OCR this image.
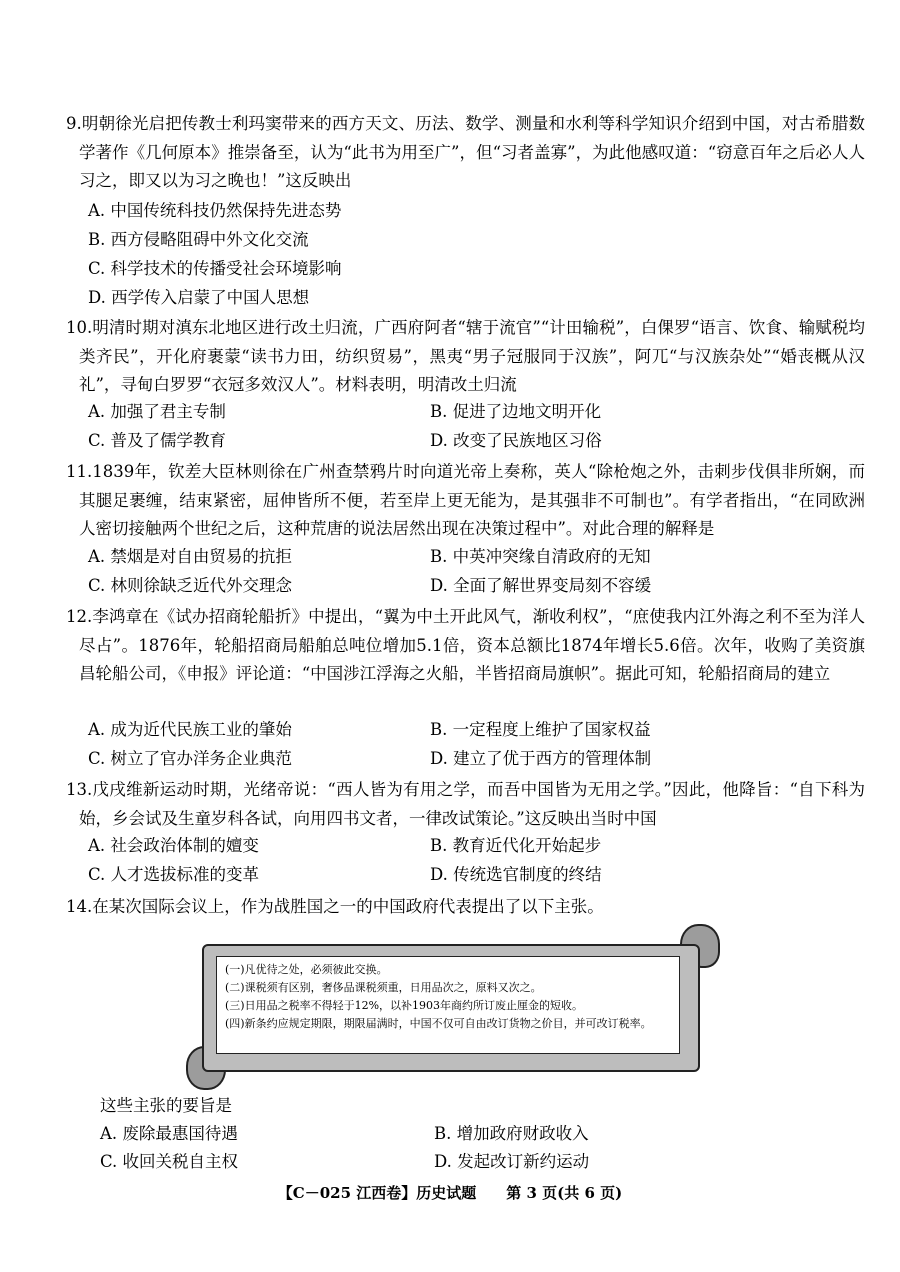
9.明朝徐光启把传教士利玛窦带来的西方天文、历法、数学、测量和水利等科学知识介绍到中国，对古希腊数学著作《几何原本》推崇备至，认为“此书为用至广”，但“习者盖寡”，为此他感叹道：“窃意百年之后必人人习之，即又以为习之晚也！”这反映出
A. 中国传统科技仍然保持先进态势
B. 西方侵略阻碍中外文化交流
C. 科学技术的传播受社会环境影响
D. 西学传入启蒙了中国人思想
10.明清时期对滇东北地区进行改土归流，广西府阿者“辖于流官”“计田输税”，白倮罗“语言、饮食、输赋税均类齐民”，开化府裹蒙“读书力田，纺织贸易”，黑夷“男子冠服同于汉族”，阿兀“与汉族杂处”“婚丧概从汉礼”，寻甸白罗罗“衣冠多效汉人”。材料表明，明清改土归流
A. 加强了君主专制	B. 促进了边地文明开化
C. 普及了儒学教育	D. 改变了民族地区习俗
11.1839年，钦差大臣林则徐在广州查禁鸦片时向道光帝上奏称，英人“除枪炮之外，击刺步伐俱非所娴，而其腿足裹缠，结束紧密，屈伸皆所不便，若至岸上更无能为，是其强非不可制也”。有学者指出，“在同欧洲人密切接触两个世纪之后，这种荒唐的说法居然出现在决策过程中”。对此合理的解释是
A. 禁烟是对自由贸易的抗拒	B. 中英冲突缘自清政府的无知
C. 林则徐缺乏近代外交理念	D. 全面了解世界变局刻不容缓
12.李鸿章在《试办招商轮船折》中提出，“翼为中土开此风气，渐收利权”，“庶使我内江外海之利不至为洋人尽占”。1876年，轮船招商局船舶总吨位增加5.1倍，资本总额比1874年增长5.6倍。次年，收购了美资旗昌轮船公司，《申报》评论道：“中国涉江浮海之火船，半皆招商局旗帜”。据此可知，轮船招商局的建立
A. 成为近代民族工业的肇始	B. 一定程度上维护了国家权益
C. 树立了官办洋务企业典范	D. 建立了优于西方的管理体制
13.戊戌维新运动时期，光绪帝说：“西人皆为有用之学，而吾中国皆为无用之学。”因此，他降旨：“自下科为始，乡会试及生童岁科各试，向用四书文者，一律改试策论。”这反映出当时中国
A. 社会政治体制的嬗变	B. 教育近代化开始起步
C. 人才选拔标准的变革	D. 传统选官制度的终结
14.在某次国际会议上，作为战胜国之一的中国政府代表提出了以下主张。
(一)凡优待之处，必须彼此交换。
(二)课税须有区别，奢侈品课税须重，日用品次之，原料又次之。
(三)日用品之税率不得轻于12%，以补1903年商约所订废止厘金的短收。
(四)新条约应规定期限，期限届满时，中国不仅可自由改订货物之价目，并可改订税率。
这些主张的要旨是
A. 废除最惠国待遇	B. 增加政府财政收入
C. 收回关税自主权	D. 发起改订新约运动
【C－025 江西卷】历史试题　　第 3 页(共 6 页)
